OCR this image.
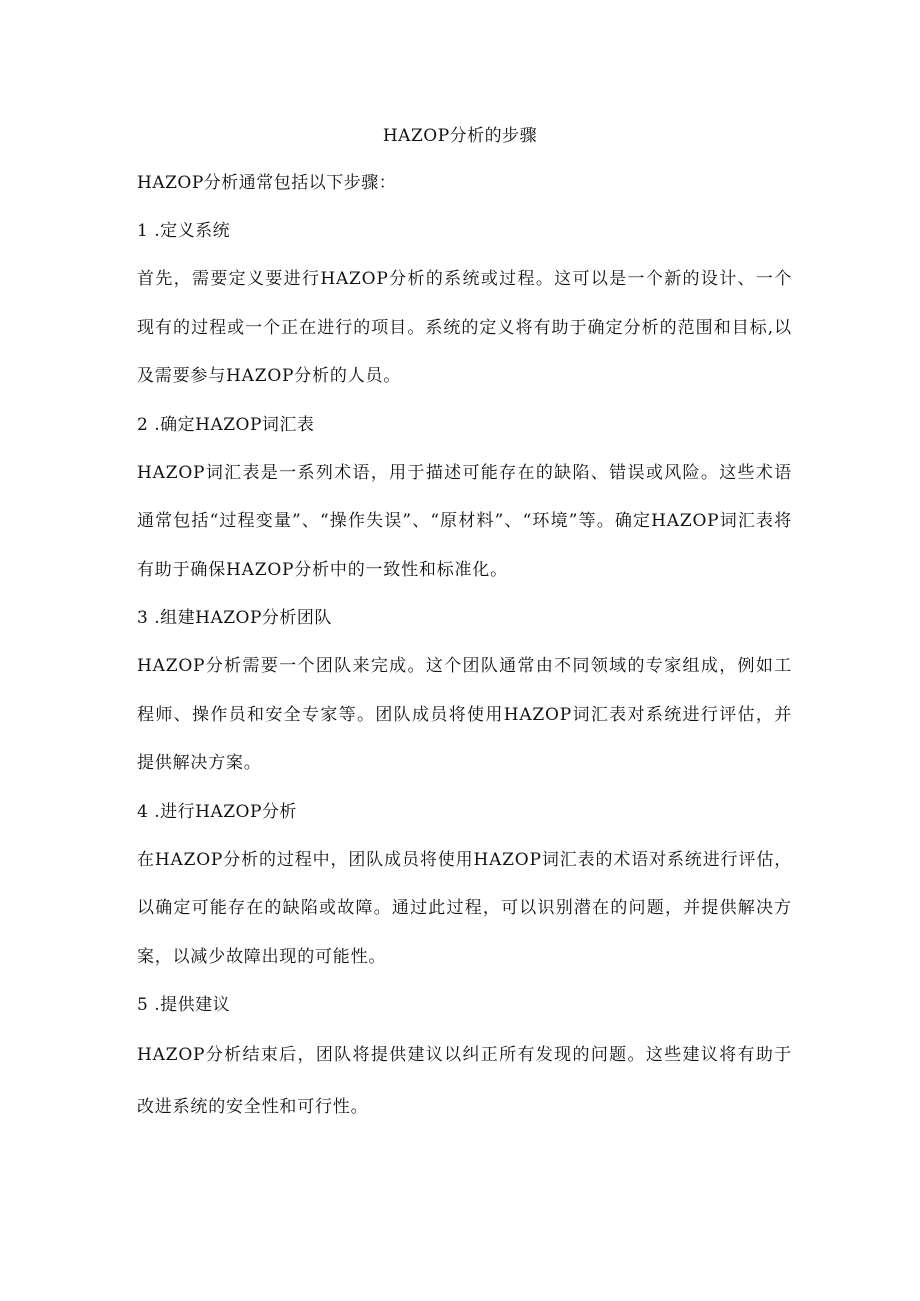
HAZOP分析的步骤
HAZOP分析通常包括以下步骤：
1 .定义系统
首先，需要定义要进行HAZOP分析的系统或过程。这可以是一个新的设计、一个现有的过程或一个正在进行的项目。系统的定义将有助于确定分析的范围和目标,以及需要参与HAZOP分析的人员。
2 .确定HAZOP词汇表
HAZOP词汇表是一系列术语，用于描述可能存在的缺陷、错误或风险。这些术语通常包括“过程变量”、“操作失误”、“原材料”、“环境”等。确定HAZOP词汇表将有助于确保HAZOP分析中的一致性和标准化。
3 .组建HAZOP分析团队
HAZOP分析需要一个团队来完成。这个团队通常由不同领域的专家组成，例如工程师、操作员和安全专家等。团队成员将使用HAZOP词汇表对系统进行评估，并提供解决方案。
4 .进行HAZOP分析
在HAZOP分析的过程中，团队成员将使用HAZOP词汇表的术语对系统进行评估，以确定可能存在的缺陷或故障。通过此过程，可以识别潜在的问题，并提供解决方案，以减少故障出现的可能性。
5 .提供建议
HAZOP分析结束后，团队将提供建议以纠正所有发现的问题。这些建议将有助于改进系统的安全性和可行性。
